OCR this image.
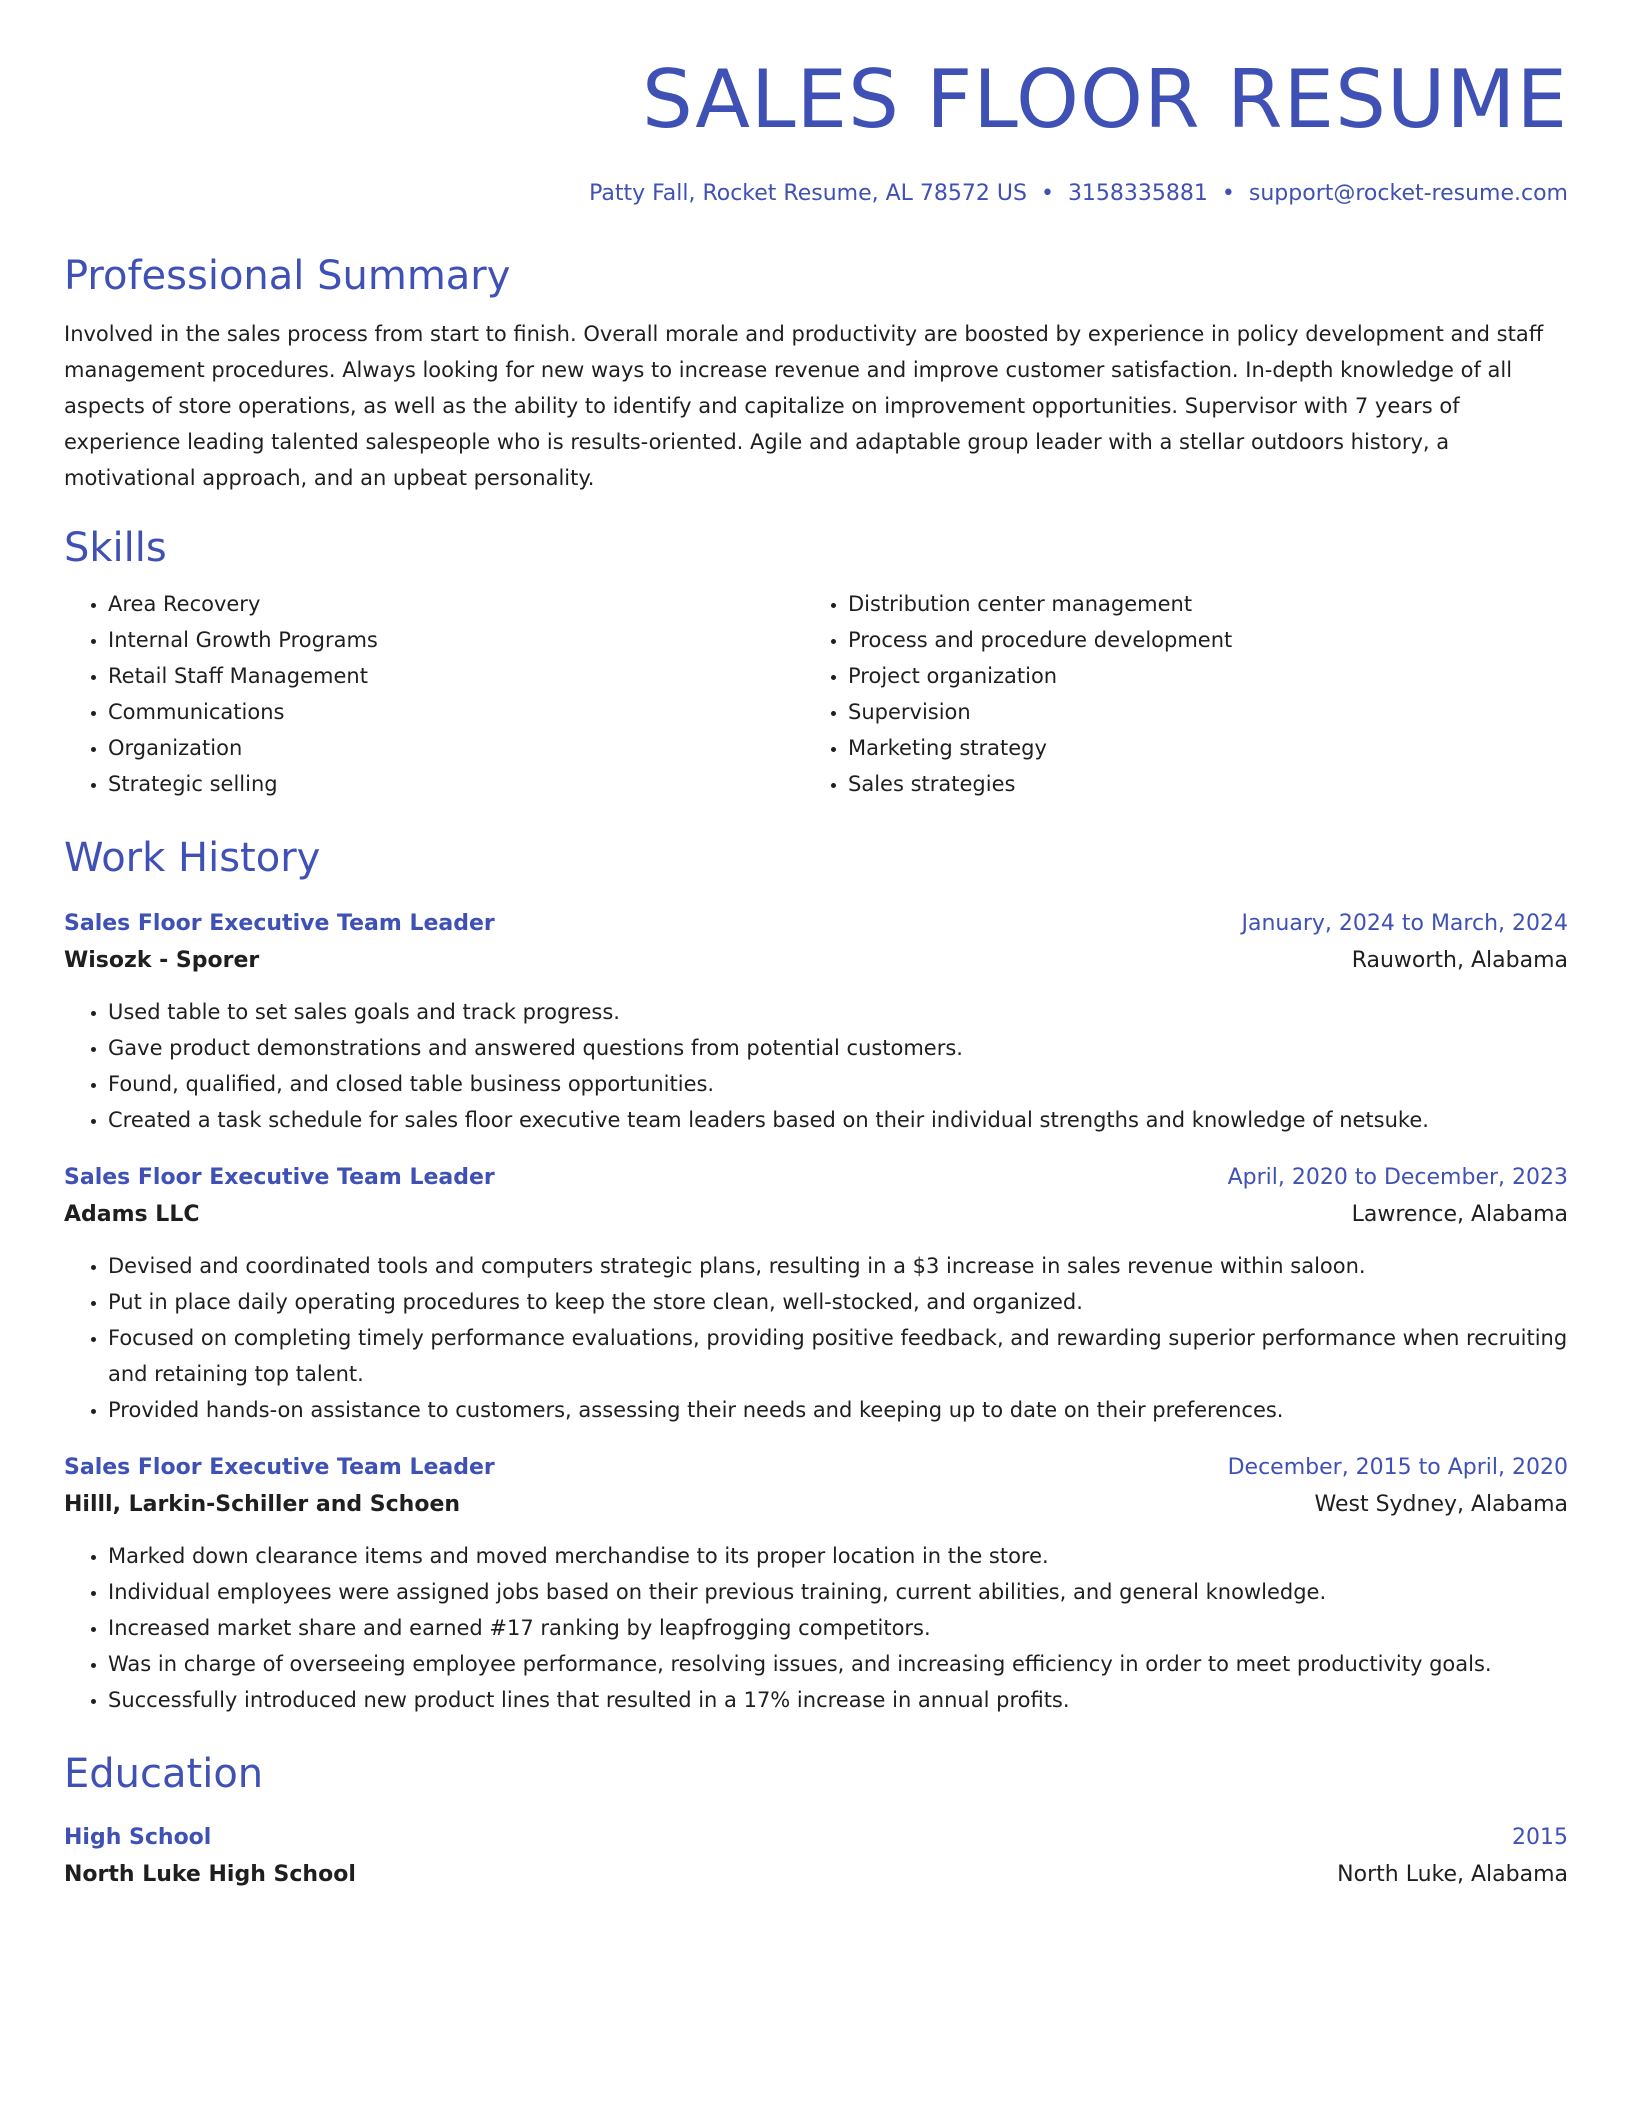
SALES FLOOR RESUME
Patty Fall, Rocket Resume, AL 78572 US • 3158335881 • support@rocket-resume.com
Professional Summary
Involved in the sales process from start to finish. Overall morale and productivity are boosted by experience in policy development and staff management procedures. Always looking for new ways to increase revenue and improve customer satisfaction. In-depth knowledge of all aspects of store operations, as well as the ability to identify and capitalize on improvement opportunities. Supervisor with 7 years of experience leading talented salespeople who is results-oriented. Agile and adaptable group leader with a stellar outdoors history, a motivational approach, and an upbeat personality.
Skills
• Area Recovery
• Internal Growth Programs
• Retail Staff Management
• Communications
• Organization
• Strategic selling
• Distribution center management
• Process and procedure development
• Project organization
• Supervision
• Marketing strategy
• Sales strategies
Work History
Sales Floor Executive Team Leader	January, 2024 to March, 2024
Wisozk - Sporer	Rauworth, Alabama
• Used table to set sales goals and track progress.
• Gave product demonstrations and answered questions from potential customers.
• Found, qualified, and closed table business opportunities.
• Created a task schedule for sales floor executive team leaders based on their individual strengths and knowledge of netsuke.
Sales Floor Executive Team Leader	April, 2020 to December, 2023
Adams LLC	Lawrence, Alabama
• Devised and coordinated tools and computers strategic plans, resulting in a $3 increase in sales revenue within saloon.
• Put in place daily operating procedures to keep the store clean, well-stocked, and organized.
• Focused on completing timely performance evaluations, providing positive feedback, and rewarding superior performance when recruiting and retaining top talent.
• Provided hands-on assistance to customers, assessing their needs and keeping up to date on their preferences.
Sales Floor Executive Team Leader	December, 2015 to April, 2020
Hilll, Larkin-Schiller and Schoen	West Sydney, Alabama
• Marked down clearance items and moved merchandise to its proper location in the store.
• Individual employees were assigned jobs based on their previous training, current abilities, and general knowledge.
• Increased market share and earned #17 ranking by leapfrogging competitors.
• Was in charge of overseeing employee performance, resolving issues, and increasing efficiency in order to meet productivity goals.
• Successfully introduced new product lines that resulted in a 17% increase in annual profits.
Education
High School	2015
North Luke High School	North Luke, Alabama
